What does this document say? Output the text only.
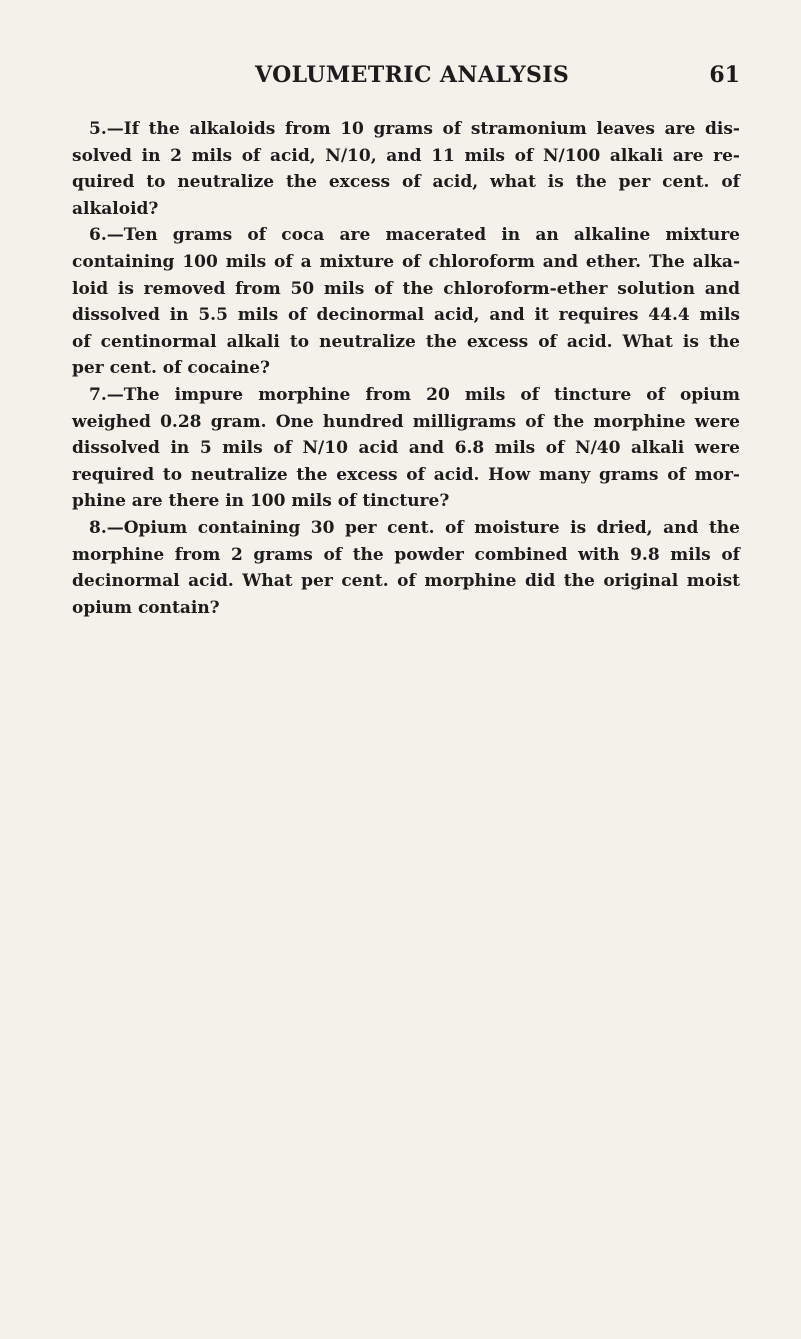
VOLUMETRIC ANALYSIS	61

5.—If the alkaloids from 10 grams of stramonium leaves are dis-
solved in 2 mils of acid, N/10, and 11 mils of N/100 alkali are re-
quired to neutralize the excess of acid, what is the per cent. of
alkaloid?

6.—Ten grams of coca are macerated in an alkaline mixture
containing 100 mils of a mixture of chloroform and ether. The alka-
loid is removed from 50 mils of the chloroform-ether solution and
dissolved in 5.5 mils of decinormal acid, and it requires 44.4 mils
of centinormal alkali to neutralize the excess of acid. What is the
per cent. of cocaine?

7.—The impure morphine from 20 mils of tincture of opium
weighed 0.28 gram. One hundred milligrams of the morphine were
dissolved in 5 mils of N/10 acid and 6.8 mils of N/40 alkali were
required to neutralize the excess of acid. How many grams of mor-
phine are there in 100 mils of tincture?

8.—Opium containing 30 per cent. of moisture is dried, and the
morphine from 2 grams of the powder combined with 9.8 mils of
decinormal acid. What per cent. of morphine did the original moist
opium contain?
